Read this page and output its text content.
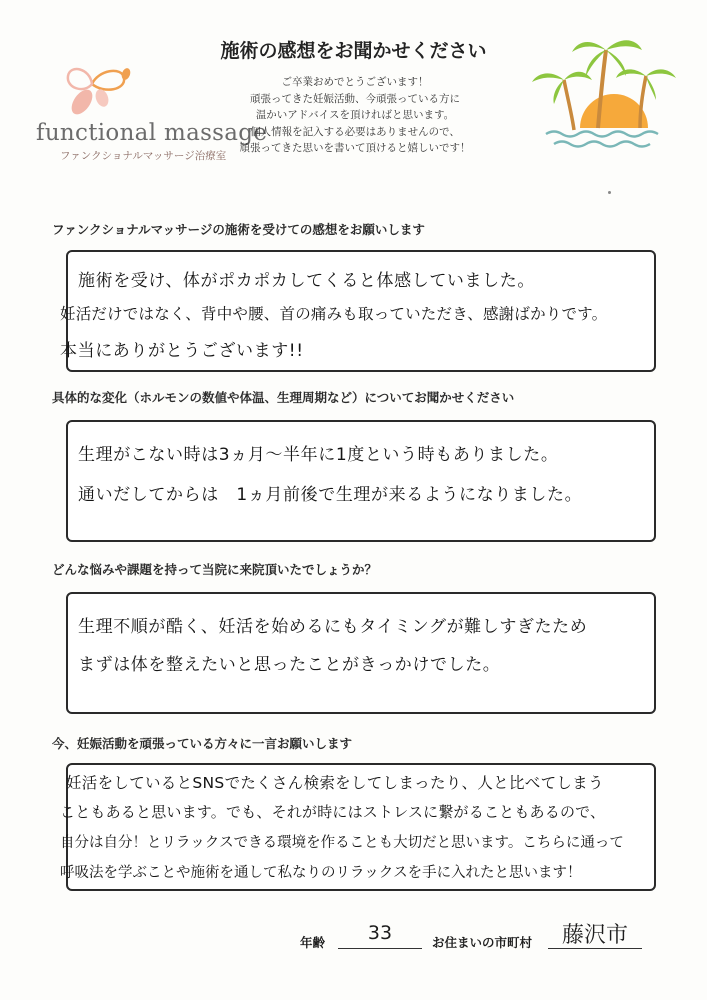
functional massage
ファンクショナルマッサージ治療室
施術の感想をお聞かせください
ご卒業おめでとうございます！
頑張ってきた妊娠活動、今頑張っている方に
温かいアドバイスを頂ければと思います。
個人情報を記入する必要はありませんので、
頑張ってきた思いを書いて頂けると嬉しいです！
ファンクショナルマッサージの施術を受けての感想をお願いします
施術を受け、体がポカポカしてくると体感していました。
妊活だけではなく、背中や腰、首の痛みも取っていただき、感謝ばかりです。
本当にありがとうございます!!
具体的な変化（ホルモンの数値や体温、生理周期など）についてお聞かせください
生理がこない時は3ヵ月～半年に1度という時もありました。
通いだしてからは　1ヵ月前後で生理が来るようになりました。
どんな悩みや課題を持って当院に来院頂いたでしょうか？
生理不順が酷く、妊活を始めるにもタイミングが難しすぎたため
まずは体を整えたいと思ったことがきっかけでした。
今、妊娠活動を頑張っている方々に一言お願いします
妊活をしているとSNSでたくさん検索をしてしまったり、人と比べてしまう
こともあると思います。でも、それが時にはストレスに繋がることもあるので、
自分は自分！とリラックスできる環境を作ることも大切だと思います。こちらに通って
呼吸法を学ぶことや施術を通して私なりのリラックスを手に入れたと思います！
年齢	33	お住まいの市町村	藤沢市
